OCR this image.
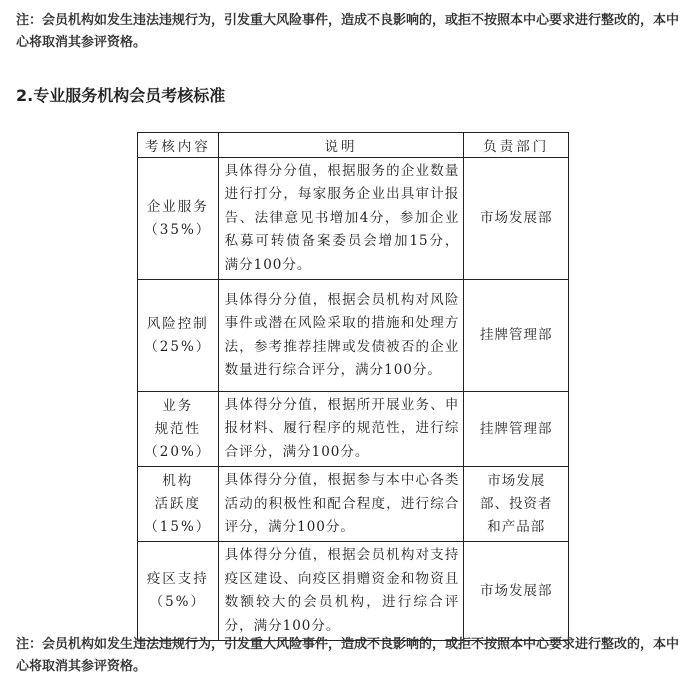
注：会员机构如发生违法违规行为，引发重大风险事件，造成不良影响的，或拒不按照本中心要求进行整改的，本中心将取消其参评资格。
2.专业服务机构会员考核标准
考核内容	说明	负责部门

企业服务
（35%）	具体得分分值，根据服务的企业数量进行打分，每家服务企业出具审计报告、法律意见书增加4分，参加企业私募可转债备案委员会增加15分，满分100分。	市场发展部

风险控制
（25%）	具体得分分值，根据会员机构对风险事件或潜在风险采取的措施和处理方法，参考推荐挂牌或发债被否的企业数量进行综合评分，满分100分。	挂牌管理部

业务
规范性
（20%）	具体得分分值，根据所开展业务、申报材料、履行程序的规范性，进行综合评分，满分100分。	挂牌管理部

机构
活跃度
（15%）	具体得分分值，根据参与本中心各类活动的积极性和配合程度，进行综合评分，满分100分。	市场发展
部、投资者
和产品部

疫区支持
（5%）	具体得分分值，根据会员机构对支持疫区建设、向疫区捐赠资金和物资且数额较大的会员机构，进行综合评分，满分100分。	市场发展部
注：会员机构如发生违法违规行为，引发重大风险事件，造成不良影响的，或拒不按照本中心要求进行整改的，本中心将取消其参评资格。
